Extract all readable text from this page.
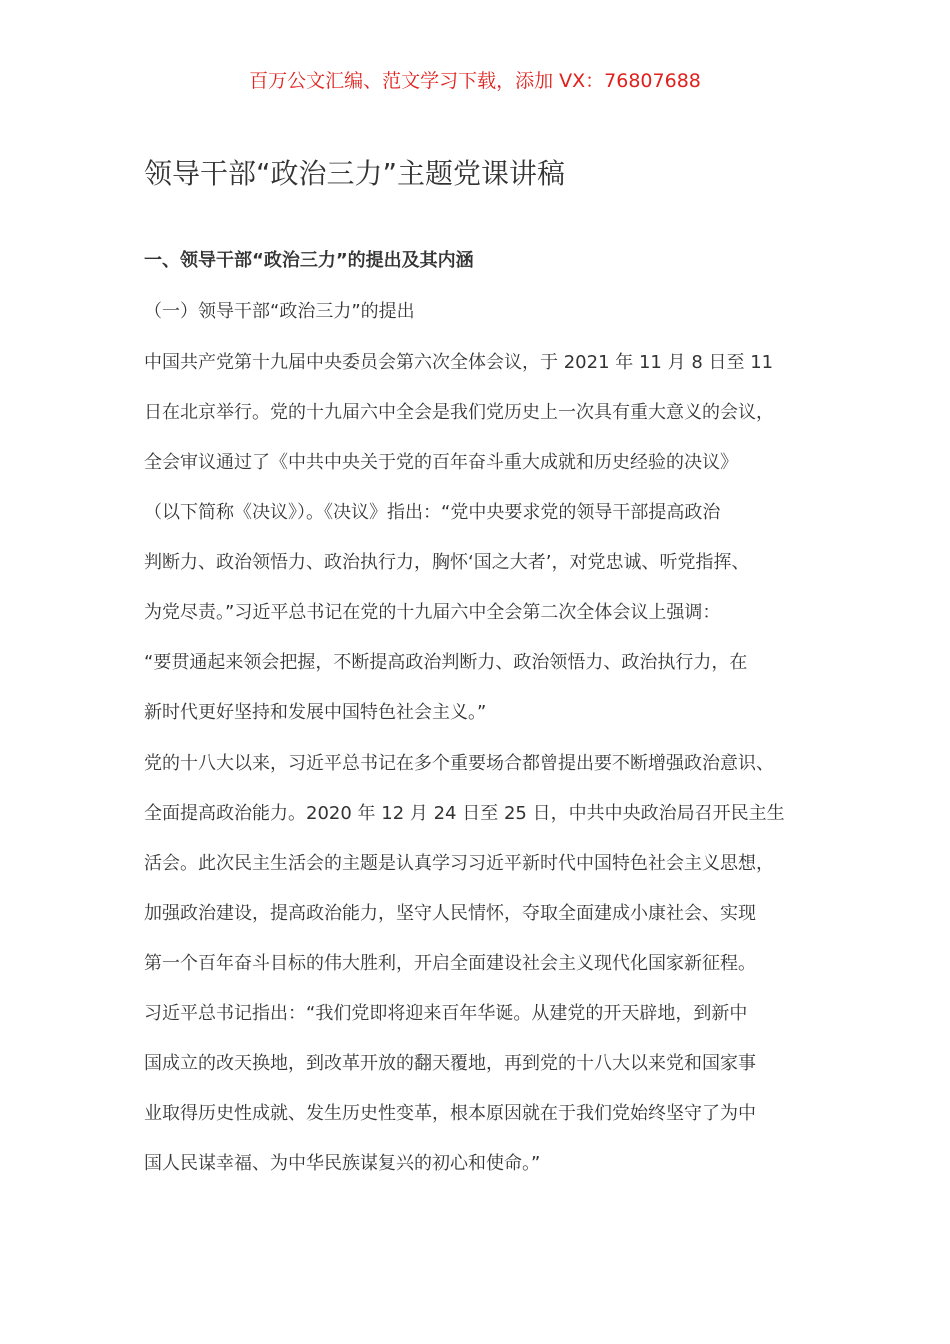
百万公文汇编、范文学习下载，添加 VX：76807688
领导干部“政治三力”主题党课讲稿
一、领导干部“政治三力”的提出及其内涵
（一）领导干部“政治三力”的提出
中国共产党第十九届中央委员会第六次全体会议，于 2021 年 11 月 8 日至 11
日在北京举行。党的十九届六中全会是我们党历史上一次具有重大意义的会议，
全会审议通过了《中共中央关于党的百年奋斗重大成就和历史经验的决议》
（以下简称《决议》）。《决议》指出：“党中央要求党的领导干部提高政治
判断力、政治领悟力、政治执行力，胸怀‘国之大者’，对党忠诚、听党指挥、
为党尽责。”习近平总书记在党的十九届六中全会第二次全体会议上强调：
“要贯通起来领会把握，不断提高政治判断力、政治领悟力、政治执行力，在
新时代更好坚持和发展中国特色社会主义。”
党的十八大以来，习近平总书记在多个重要场合都曾提出要不断增强政治意识、
全面提高政治能力。2020 年 12 月 24 日至 25 日，中共中央政治局召开民主生
活会。此次民主生活会的主题是认真学习习近平新时代中国特色社会主义思想，
加强政治建设，提高政治能力，坚守人民情怀，夺取全面建成小康社会、实现
第一个百年奋斗目标的伟大胜利，开启全面建设社会主义现代化国家新征程。
习近平总书记指出：“我们党即将迎来百年华诞。从建党的开天辟地，到新中
国成立的改天换地，到改革开放的翻天覆地，再到党的十八大以来党和国家事
业取得历史性成就、发生历史性变革，根本原因就在于我们党始终坚守了为中
国人民谋幸福、为中华民族谋复兴的初心和使命。”
